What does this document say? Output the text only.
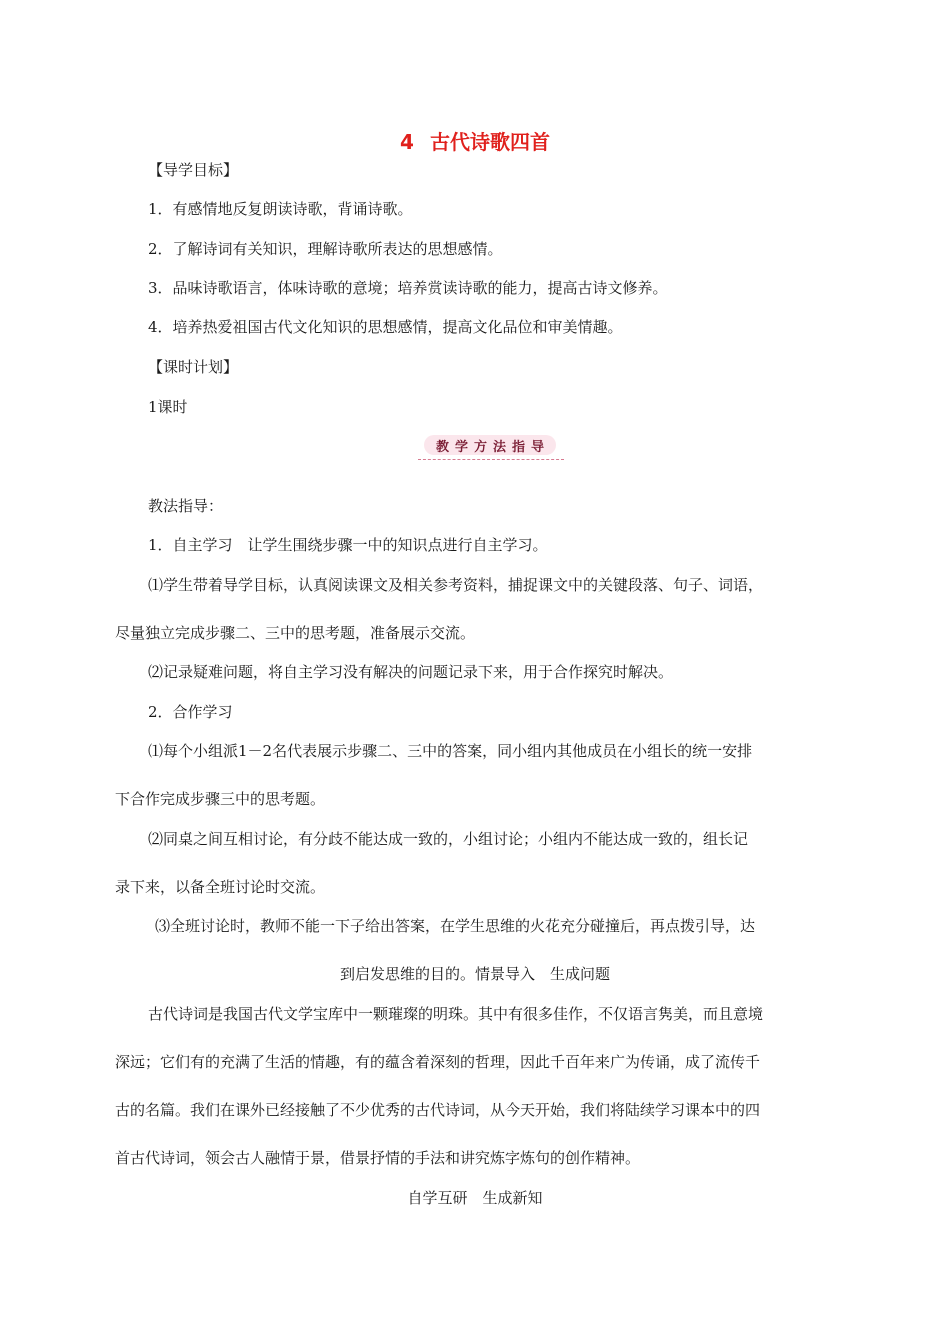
4 古代诗歌四首
【导学目标】
1．有感情地反复朗读诗歌，背诵诗歌。
2．了解诗词有关知识，理解诗歌所表达的思想感情。
3．品味诗歌语言，体味诗歌的意境；培养赏读诗歌的能力，提高古诗文修养。
4．培养热爱祖国古代文化知识的思想感情，提高文化品位和审美情趣。
【课时计划】
1课时
教学方法指导
教法指导：
1．自主学习　让学生围绕步骤一中的知识点进行自主学习。
⑴学生带着导学目标，认真阅读课文及相关参考资料，捕捉课文中的关键段落、句子、词语，
尽量独立完成步骤二、三中的思考题，准备展示交流。
⑵记录疑难问题，将自主学习没有解决的问题记录下来，用于合作探究时解决。
2．合作学习
⑴每个小组派1－2名代表展示步骤二、三中的答案，同小组内其他成员在小组长的统一安排
下合作完成步骤三中的思考题。
⑵同桌之间互相讨论，有分歧不能达成一致的，小组讨论；小组内不能达成一致的，组长记
录下来，以备全班讨论时交流。
⑶全班讨论时，教师不能一下子给出答案，在学生思维的火花充分碰撞后，再点拨引导，达
到启发思维的目的。情景导入　生成问题
古代诗词是我国古代文学宝库中一颗璀璨的明珠。其中有很多佳作，不仅语言隽美，而且意境
深远；它们有的充满了生活的情趣，有的蕴含着深刻的哲理，因此千百年来广为传诵，成了流传千
古的名篇。我们在课外已经接触了不少优秀的古代诗词，从今天开始，我们将陆续学习课本中的四
首古代诗词，领会古人融情于景，借景抒情的手法和讲究炼字炼句的创作精神。
自学互研　生成新知
